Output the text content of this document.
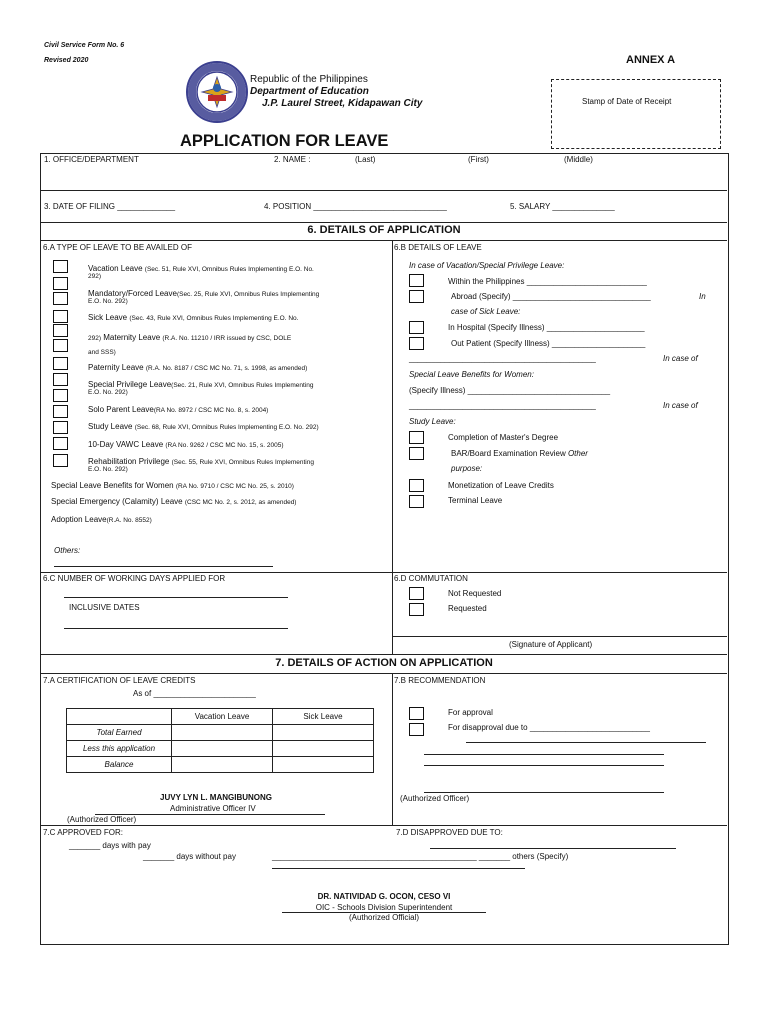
Civil Service Form No. 6
Revised 2020	ANNEX A
Republic of the Philippines
Department of Education
J.P. Laurel Street, Kidapawan City	Stamp of Date of Receipt
APPLICATION FOR LEAVE
1. OFFICE/DEPARTMENT	2. NAME :	(Last)	(First)	(Middle)
3. DATE OF FILING _____________	4. POSITION ______________________________	5. SALARY ______________
6. DETAILS OF APPLICATION
6.A TYPE OF LEAVE TO BE AVAILED OF	6.B DETAILS OF LEAVE
Vacation Leave (Sec. 51, Rule XVI, Omnibus Rules Implementing E.O. No.
292)
Mandatory/Forced Leave(Sec. 25, Rule XVI, Omnibus Rules Implementing
E.O. No. 292)
Sick Leave (Sec. 43, Rule XVI, Omnibus Rules Implementing E.O. No.
292) Maternity Leave (R.A. No. 11210 / IRR issued by CSC, DOLE
and SSS)
Paternity Leave (R.A. No. 8187 / CSC MC No. 71, s. 1998, as amended)
Special Privilege Leave(Sec. 21, Rule XVI, Omnibus Rules Implementing
E.O. No. 292)
Solo Parent Leave(RA No. 8972 / CSC MC No. 8, s. 2004)
Study Leave (Sec. 68, Rule XVI, Omnibus Rules Implementing E.O. No. 292)
10-Day VAWC Leave (RA No. 9262 / CSC MC No. 15, s. 2005)
Rehabilitation Privilege (Sec. 55, Rule XVI, Omnibus Rules Implementing
E.O. No. 292)
Special Leave Benefits for Women (RA No. 9710 / CSC MC No. 25, s. 2010)
Special Emergency (Calamity) Leave (CSC MC No. 2, s. 2012, as amended)
Adoption Leave(R.A. No. 8552)
Others:
In case of Vacation/Special Privilege Leave:
Within the Philippines ___________________________
Abroad (Specify) _______________________________	In
case of Sick Leave:
In Hospital (Specify Illness) ______________________
Out Patient (Specify Illness) _____________________
__________________________________________	In case of
Special Leave Benefits for Women:
(Specify Illness) ________________________________
__________________________________________	In case of
Study Leave:
Completion of Master's Degree
BAR/Board Examination Review Other
purpose:
Monetization of Leave Credits
Terminal Leave
6.C NUMBER OF WORKING DAYS APPLIED FOR
INCLUSIVE DATES
6.D COMMUTATION
Not Requested
Requested
(Signature of Applicant)
7. DETAILS OF ACTION ON APPLICATION
7.A CERTIFICATION OF LEAVE CREDITS
As of _______________________
	Vacation Leave	Sick Leave
Total Earned		
Less this application		
Balance		
JUVY LYN L. MANGIBUNONG
Administrative Officer IV
(Authorized Officer)
7.B RECOMMENDATION
For approval
For disapproval due to ___________________________
(Authorized Officer)
7.C APPROVED FOR:
_______ days with pay
_______ days without pay
7.D DISAPPROVED DUE TO:
______________________________________________ _______ others (Specify)
DR. NATIVIDAD G. OCON, CESO VI
OIC - Schools Division Superintendent
(Authorized Official)
